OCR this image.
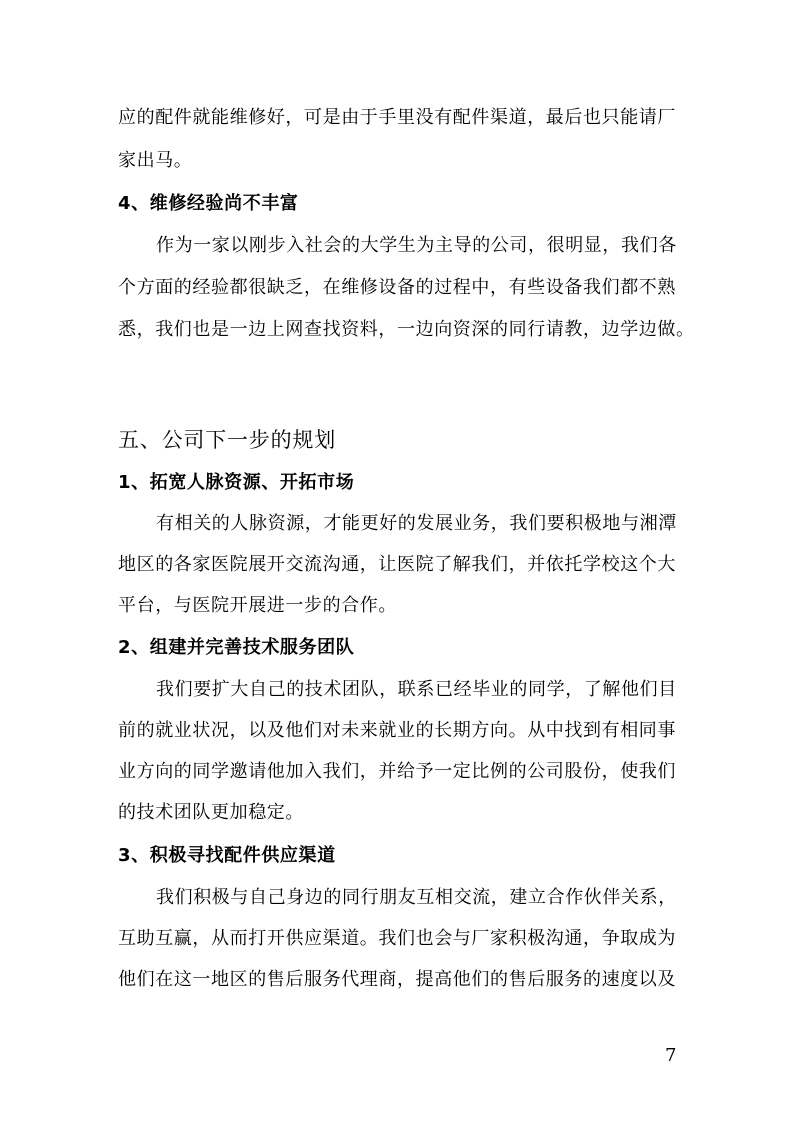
应的配件就能维修好，可是由于手里没有配件渠道，最后也只能请厂
家出马。
4、维修经验尚不丰富
作为一家以刚步入社会的大学生为主导的公司，很明显，我们各
个方面的经验都很缺乏，在维修设备的过程中，有些设备我们都不熟
悉，我们也是一边上网查找资料，一边向资深的同行请教，边学边做。
五、公司下一步的规划
1、拓宽人脉资源、开拓市场
有相关的人脉资源，才能更好的发展业务，我们要积极地与湘潭
地区的各家医院展开交流沟通，让医院了解我们，并依托学校这个大
平台，与医院开展进一步的合作。
2、组建并完善技术服务团队
我们要扩大自己的技术团队，联系已经毕业的同学，了解他们目
前的就业状况，以及他们对未来就业的长期方向。从中找到有相同事
业方向的同学邀请他加入我们，并给予一定比例的公司股份，使我们
的技术团队更加稳定。
3、积极寻找配件供应渠道
我们积极与自己身边的同行朋友互相交流，建立合作伙伴关系，
互助互赢，从而打开供应渠道。我们也会与厂家积极沟通，争取成为
他们在这一地区的售后服务代理商，提高他们的售后服务的速度以及
7
